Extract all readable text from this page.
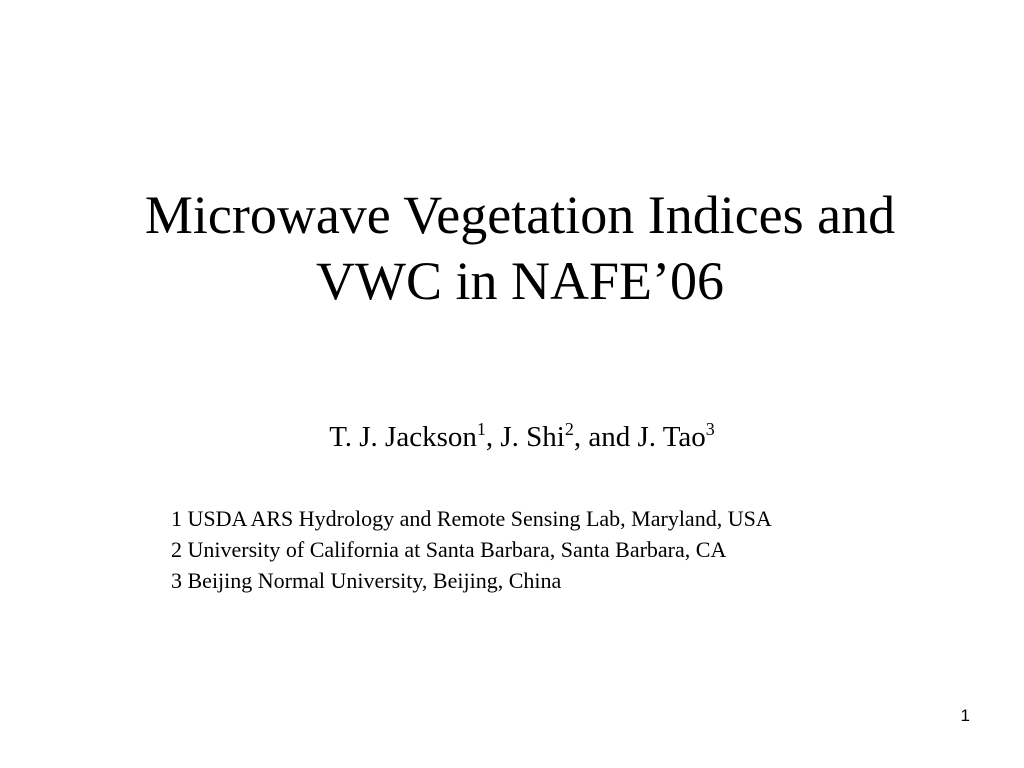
Microwave Vegetation Indices and
VWC in NAFE’06
T. J. Jackson$^1$, J. Shi$^2$, and J. Tao$^3$
1 USDA ARS Hydrology and Remote Sensing Lab, Maryland, USA
2 University of California at Santa Barbara, Santa Barbara, CA
3 Beijing Normal University, Beijing, China
1
